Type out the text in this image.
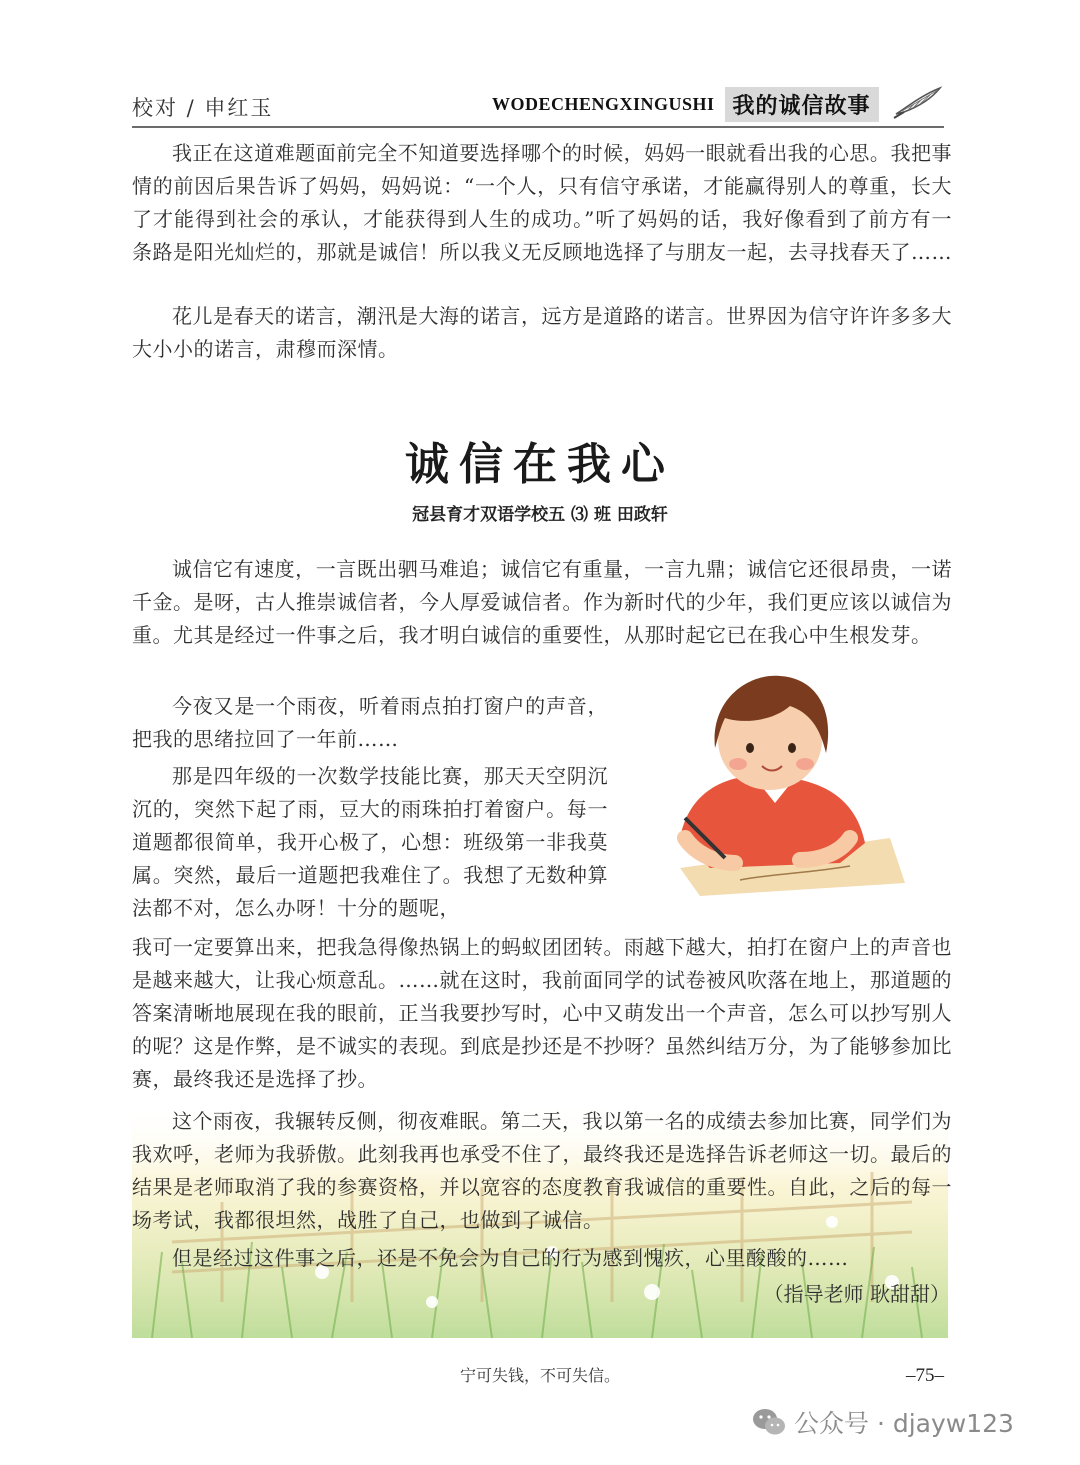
校对 / 申红玉	WODECHENGXINGUSHI 我的诚信故事

我正在这道难题面前完全不知道要选择哪个的时候，妈妈一眼就看出我的心思。我把事情的前因后果告诉了妈妈，妈妈说：“一个人，只有信守承诺，才能赢得别人的尊重，长大了才能得到社会的承认，才能获得到人生的成功。”听了妈妈的话，我好像看到了前方有一条路是阳光灿烂的，那就是诚信！所以我义无反顾地选择了与朋友一起，去寻找春天了……

花儿是春天的诺言，潮汛是大海的诺言，远方是道路的诺言。世界因为信守许许多多大大小小的诺言，肃穆而深情。

诚信在我心
冠县育才双语学校五 ⑶ 班 田政轩

诚信它有速度，一言既出驷马难追；诚信它有重量，一言九鼎；诚信它还很昂贵，一诺千金。是呀，古人推崇诚信者，今人厚爱诚信者。作为新时代的少年，我们更应该以诚信为重。尤其是经过一件事之后，我才明白诚信的重要性，从那时起它已在我心中生根发芽。

今夜又是一个雨夜，听着雨点拍打窗户的声音，把我的思绪拉回了一年前……

那是四年级的一次数学技能比赛，那天天空阴沉沉的，突然下起了雨，豆大的雨珠拍打着窗户。每一道题都很简单，我开心极了，心想：班级第一非我莫属。突然，最后一道题把我难住了。我想了无数种算法都不对，怎么办呀！十分的题呢，

我可一定要算出来，把我急得像热锅上的蚂蚁团团转。雨越下越大，拍打在窗户上的声音也是越来越大，让我心烦意乱。……就在这时，我前面同学的试卷被风吹落在地上，那道题的答案清晰地展现在我的眼前，正当我要抄写时，心中又萌发出一个声音，怎么可以抄写别人的呢？这是作弊，是不诚实的表现。到底是抄还是不抄呀？虽然纠结万分，为了能够参加比赛，最终我还是选择了抄。

这个雨夜，我辗转反侧，彻夜难眠。第二天，我以第一名的成绩去参加比赛，同学们为我欢呼，老师为我骄傲。此刻我再也承受不住了，最终我还是选择告诉老师这一切。最后的结果是老师取消了我的参赛资格，并以宽容的态度教育我诚信的重要性。自此，之后的每一场考试，我都很坦然，战胜了自己，也做到了诚信。

但是经过这件事之后，还是不免会为自己的行为感到愧疚，心里酸酸的……

（指导老师 耿甜甜）
宁可失钱，不可失信。	–75–
公众号 · djayw123
